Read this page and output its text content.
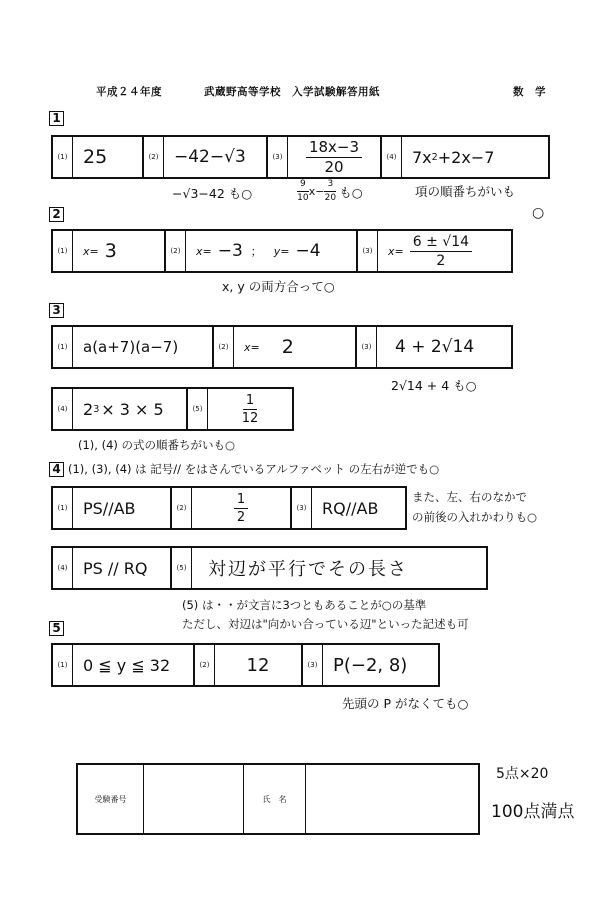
平成２４年度	武蔵野高等学校　入学試験解答用紙	数　学
1
(1) 25	(2) −42−√3	(3)	$\frac{18x-3}{20}$	(4) 7x 2 +2x−7
−√3−42 も○	$\frac{9}{10} x- \frac{3}{20}$ も○	項の順番ちがいも
○
2
(1)	x= 3	(2)	x= −3 ； y= −4	(3)	$x= \frac{6 \pm √14}{2}$
x, y の両方合って○
3
(1)	a(a+7)(a−7)	(2)	x= 2	(3)	4 + 2√14
2√14 + 4 も○
(4) 2 3 × 3 × 5	(5)	$\frac{1}{12}$
(1), (4) の式の順番ちがいも○
4 (1), (3), (4) は 記号// をはさんでいるアルファベット の左右が逆でも○
(1) PS//AB	(2)	$\frac{1}{2}$	(3) RQ//AB
また、左、右のなかで
の前後の入れかわりも○
(4) PS // RQ	(5)	対辺が平行でその長さ
(5) は・・が文言に3つともあることが○の基準
ただし、対辺は"向かい合っている辺"といった記述も可
5
(1) 0 ≦ y ≦ 32	(2)	12	(3) P(−2, 8)
先頭の P がなくても○
受験番号	氏　名
5点×20
100点満点
